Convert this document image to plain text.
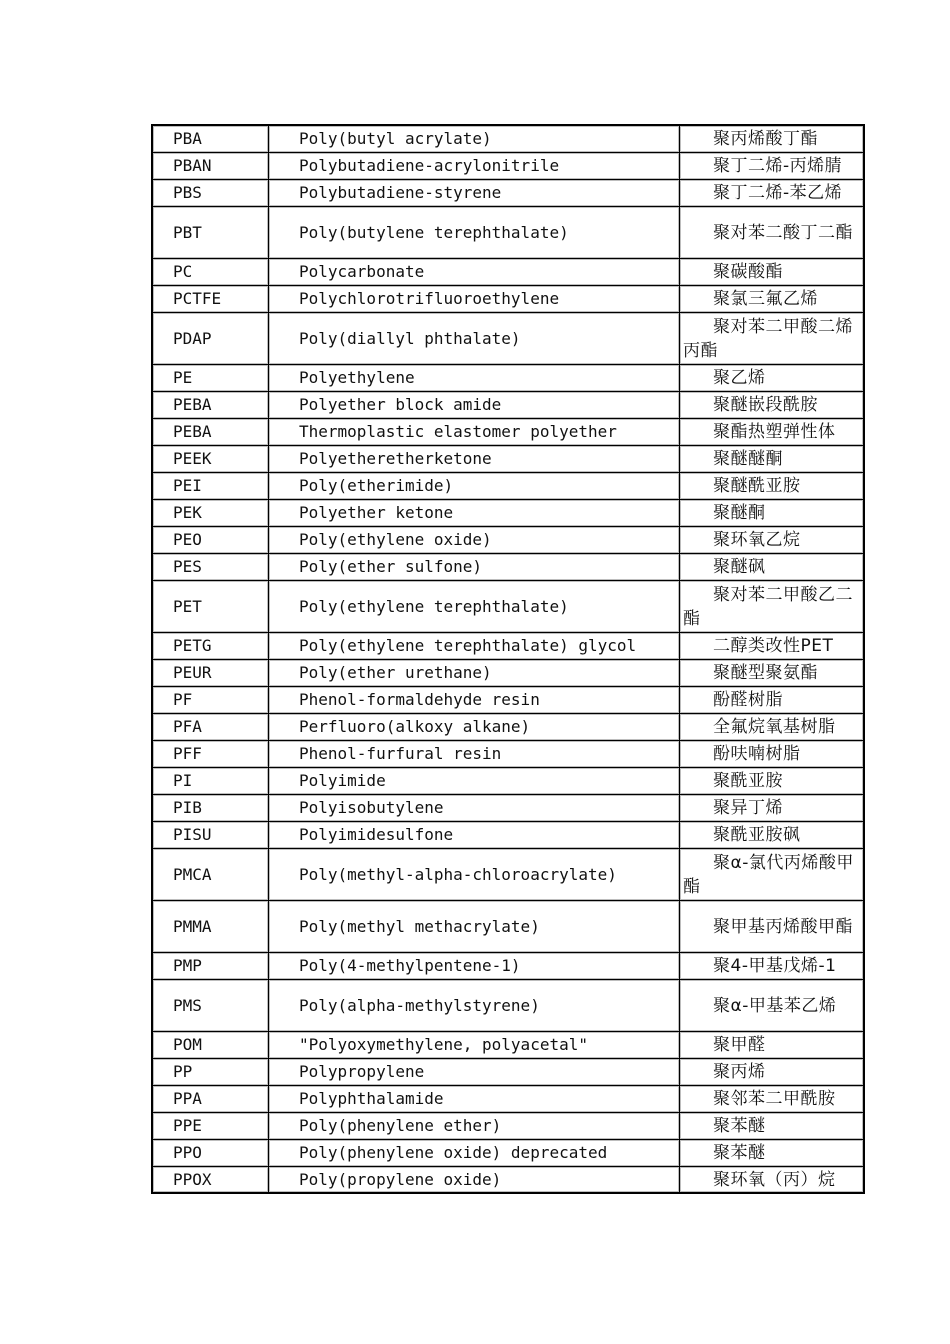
PBA	Poly(butyl acrylate)	聚丙烯酸丁酯
PBAN	Polybutadiene-acrylonitrile	聚丁二烯-丙烯腈
PBS	Polybutadiene-styrene	聚丁二烯-苯乙烯
PBT	Poly(butylene terephthalate)	聚对苯二酸丁二酯
PC	Polycarbonate	聚碳酸酯
PCTFE	Polychlorotrifluoroethylene	聚氯三氟乙烯
PDAP	Poly(diallyl phthalate)	聚对苯二甲酸二烯丙酯
PE	Polyethylene	聚乙烯
PEBA	Polyether block amide	聚醚嵌段酰胺
PEBA	Thermoplastic elastomer polyether	聚酯热塑弹性体
PEEK	Polyetheretherketone	聚醚醚酮
PEI	Poly(etherimide)	聚醚酰亚胺
PEK	Polyether ketone	聚醚酮
PEO	Poly(ethylene oxide)	聚环氧乙烷
PES	Poly(ether sulfone)	聚醚砜
PET	Poly(ethylene terephthalate)	聚对苯二甲酸乙二酯
PETG	Poly(ethylene terephthalate) glycol	二醇类改性PET
PEUR	Poly(ether urethane)	聚醚型聚氨酯
PF	Phenol-formaldehyde resin	酚醛树脂
PFA	Perfluoro(alkoxy alkane)	全氟烷氧基树脂
PFF	Phenol-furfural resin	酚呋喃树脂
PI	Polyimide	聚酰亚胺
PIB	Polyisobutylene	聚异丁烯
PISU	Polyimidesulfone	聚酰亚胺砜
PMCA	Poly(methyl-alpha-chloroacrylate)	聚α-氯代丙烯酸甲酯
PMMA	Poly(methyl methacrylate)	聚甲基丙烯酸甲酯
PMP	Poly(4-methylpentene-1)	聚4-甲基戊烯-1
PMS	Poly(alpha-methylstyrene)	聚α-甲基苯乙烯
POM	"Polyoxymethylene, polyacetal"	聚甲醛
PP	Polypropylene	聚丙烯
PPA	Polyphthalamide	聚邻苯二甲酰胺
PPE	Poly(phenylene ether)	聚苯醚
PPO	Poly(phenylene oxide) deprecated	聚苯醚
PPOX	Poly(propylene oxide)	聚环氧（丙）烷
